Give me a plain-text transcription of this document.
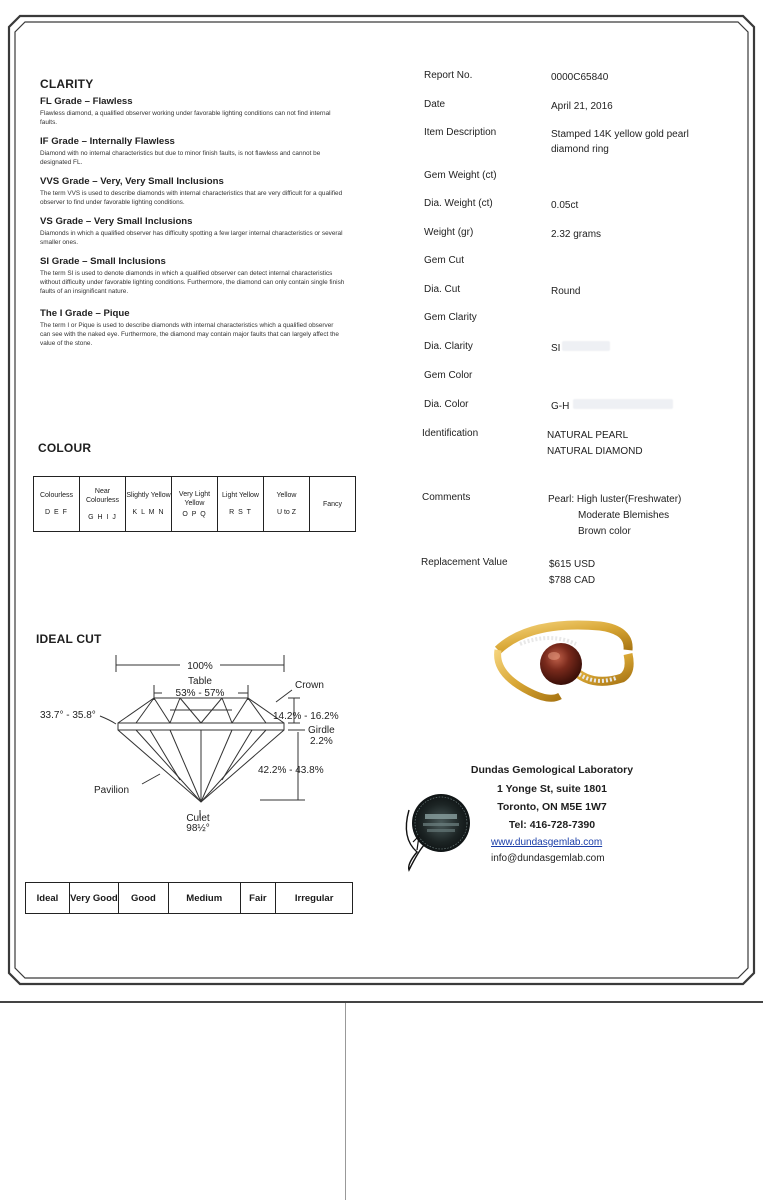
CLARITY
FL Grade – Flawless
Flawless diamond, a qualified observer working under favorable lighting conditions can not find internal faults.
IF Grade – Internally Flawless
Diamond with no internal characteristics but due to minor finish faults, is not flawless and cannot be designated FL.
VVS Grade – Very, Very Small Inclusions
The term VVS is used to describe diamonds with internal characteristics that are very difficult for a qualified observer to find under favorable lighting conditions.
VS Grade – Very Small Inclusions
Diamonds in which a qualified observer has difficulty spotting a few larger internal characteristics or several smaller ones.
SI Grade – Small Inclusions
The term SI is used to denote diamonds in which a qualified observer can detect internal characteristics without difficulty under favorable lighting conditions. Furthermore, the diamond can only contain single finish faults of an insignificant nature.
The I Grade – Pique
The term I or Pique is used to describe diamonds with internal characteristics which a qualified observer can see with the naked eye. Furthermore, the diamond may contain major faults that can largely affect the value of the stone.
COLOUR
Colourless
D E F

Near Colourless
G H I J

Slightly Yellow
K L M N

Very Light Yellow
O P Q

Light Yellow
R S T

Yellow
U to Z

Fancy
IDEAL CUT
100%
Table
53% - 57%
Crown
33.7° - 35.8°	14.2% - 16.2%
Girdle
2.2%
42.2% - 43.8%
Pavilion
Culet
98½°
Ideal	Very Good	Good	Medium	Fair	Irregular
Report No.	0000C65840
Date	April 21, 2016
Item Description	Stamped 14K yellow gold pearl diamond ring
Gem Weight (ct)
Dia. Weight (ct)	0.05ct
Weight (gr)	2.32 grams
Gem Cut
Dia. Cut	Round
Gem Clarity
Dia. Clarity	SI
Gem Color
Dia. Color	G-H
Identification	NATURAL PEARL
NATURAL DIAMOND
Comments	Pearl: High luster(Freshwater)
Moderate Blemishes
Brown color
Replacement Value	$615 USD
$788 CAD
Dundas Gemological Laboratory
1 Yonge St, suite 1801
Toronto, ON M5E 1W7
Tel: 416-728-7390
www.dundasgemlab.com
info@dundasgemlab.com
